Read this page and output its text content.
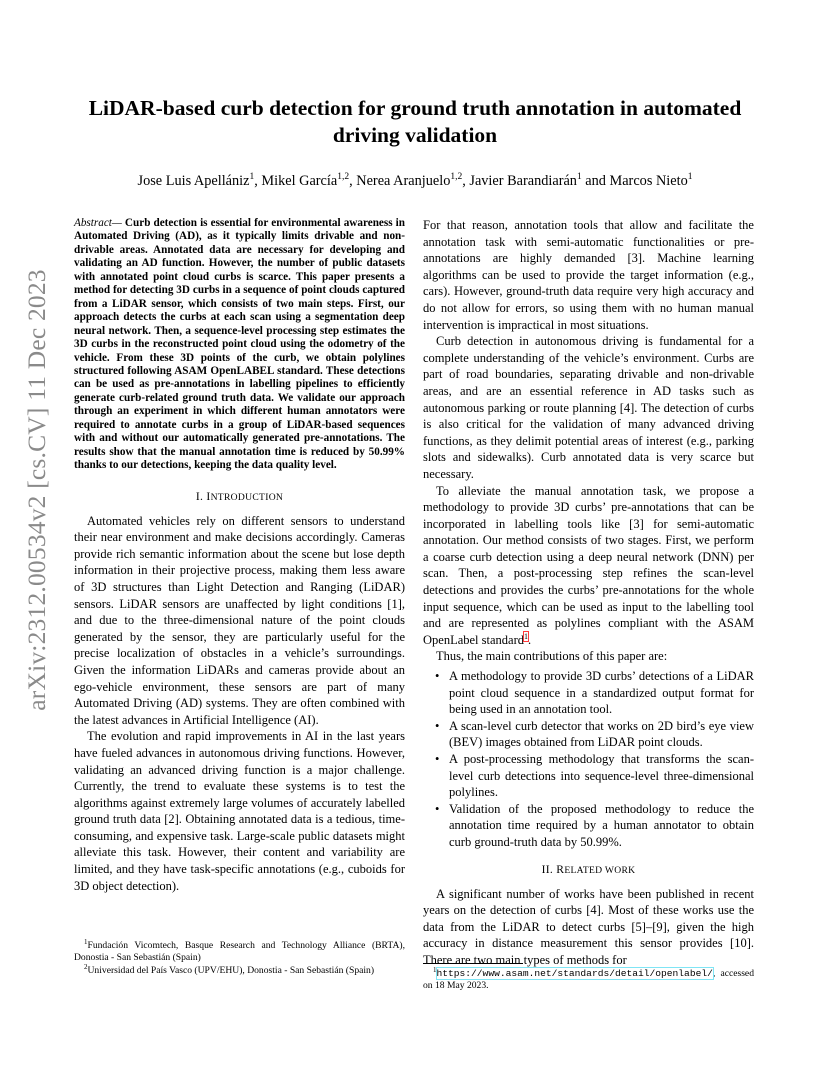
arXiv:2312.00534v2 [cs.CV] 11 Dec 2023
LiDAR-based curb detection for ground truth annotation in automated driving validation

Jose Luis Apellániz$^1$, Mikel García$^{1,2}$, Nerea Aranjuelo$^{1,2}$, Javier Barandiarán$^1$ and Marcos Nieto$^1$

Abstract— Curb detection is essential for environmental awareness in Automated Driving (AD), as it typically limits drivable and non-drivable areas. Annotated data are necessary for developing and validating an AD function. However, the number of public datasets with annotated point cloud curbs is scarce. This paper presents a method for detecting 3D curbs in a sequence of point clouds captured from a LiDAR sensor, which consists of two main steps. First, our approach detects the curbs at each scan using a segmentation deep neural network. Then, a sequence-level processing step estimates the 3D curbs in the reconstructed point cloud using the odometry of the vehicle. From these 3D points of the curb, we obtain polylines structured following ASAM OpenLABEL standard. These detections can be used as pre-annotations in labelling pipelines to efficiently generate curb-related ground truth data. We validate our approach through an experiment in which different human annotators were required to annotate curbs in a group of LiDAR-based sequences with and without our automatically generated pre-annotations. The results show that the manual annotation time is reduced by 50.99% thanks to our detections, keeping the data quality level.

I. INTRODUCTION

Automated vehicles rely on different sensors to understand their near environment and make decisions accordingly. Cameras provide rich semantic information about the scene but lose depth information in their projective process, making them less aware of 3D structures than Light Detection and Ranging (LiDAR) sensors. LiDAR sensors are unaffected by light conditions [1], and due to the three-dimensional nature of the point clouds generated by the sensor, they are particularly useful for the precise localization of obstacles in a vehicle’s surroundings. Given the information LiDARs and cameras provide about an ego-vehicle environment, these sensors are part of many Automated Driving (AD) systems. They are often combined with the latest advances in Artificial Intelligence (AI).

The evolution and rapid improvements in AI in the last years have fueled advances in autonomous driving functions. However, validating an advanced driving function is a major challenge. Currently, the trend to evaluate these systems is to test the algorithms against extremely large volumes of accurately labelled ground truth data [2]. Obtaining annotated data is a tedious, time-consuming, and expensive task. Large-scale public datasets might alleviate this task. However, their content and variability are limited, and they have task-specific annotations (e.g., cuboids for 3D object detection).

$^1$Fundación Vicomtech, Basque Research and Technology Alliance (BRTA), Donostia - San Sebastián (Spain)

$^2$Universidad del País Vasco (UPV/EHU), Donostia - San Sebastián (Spain)

For that reason, annotation tools that allow and facilitate the annotation task with semi-automatic functionalities or pre-annotations are highly demanded [3]. Machine learning algorithms can be used to provide the target information (e.g., cars). However, ground-truth data require very high accuracy and do not allow for errors, so using them with no human manual intervention is impractical in most situations.

Curb detection in autonomous driving is fundamental for a complete understanding of the vehicle’s environment. Curbs are part of road boundaries, separating drivable and non-drivable areas, and are an essential reference in AD tasks such as autonomous parking or route planning [4]. The detection of curbs is also critical for the validation of many advanced driving functions, as they delimit potential areas of interest (e.g., parking slots and sidewalks). Curb annotated data is very scarce but necessary.

To alleviate the manual annotation task, we propose a methodology to provide 3D curbs’ pre-annotations that can be incorporated in labelling tools like [3] for semi-automatic annotation. Our method consists of two stages. First, we perform a coarse curb detection using a deep neural network (DNN) per scan. Then, a post-processing step refines the scan-level detections and provides the curbs’ pre-annotations for the whole input sequence, which can be used as input to the labelling tool and are represented as polylines compliant with the ASAM OpenLabel standard$^1$.

Thus, the main contributions of this paper are:

• A methodology to provide 3D curbs’ detections of a LiDAR point cloud sequence in a standardized output format for being used in an annotation tool.
• A scan-level curb detector that works on 2D bird’s eye view (BEV) images obtained from LiDAR point clouds.
• A post-processing methodology that transforms the scan-level curb detections into sequence-level three-dimensional polylines.
• Validation of the proposed methodology to reduce the annotation time required by a human annotator to obtain curb ground-truth data by 50.99%.

II. RELATED WORK

A significant number of works have been published in recent years on the detection of curbs [4]. Most of these works use the data from the LiDAR to detect curbs [5]–[9], given the high accuracy in distance measurement this sensor provides [10]. There are two main types of methods for

$^1$https://www.asam.net/standards/detail/openlabel/, accessed on 18 May 2023.
